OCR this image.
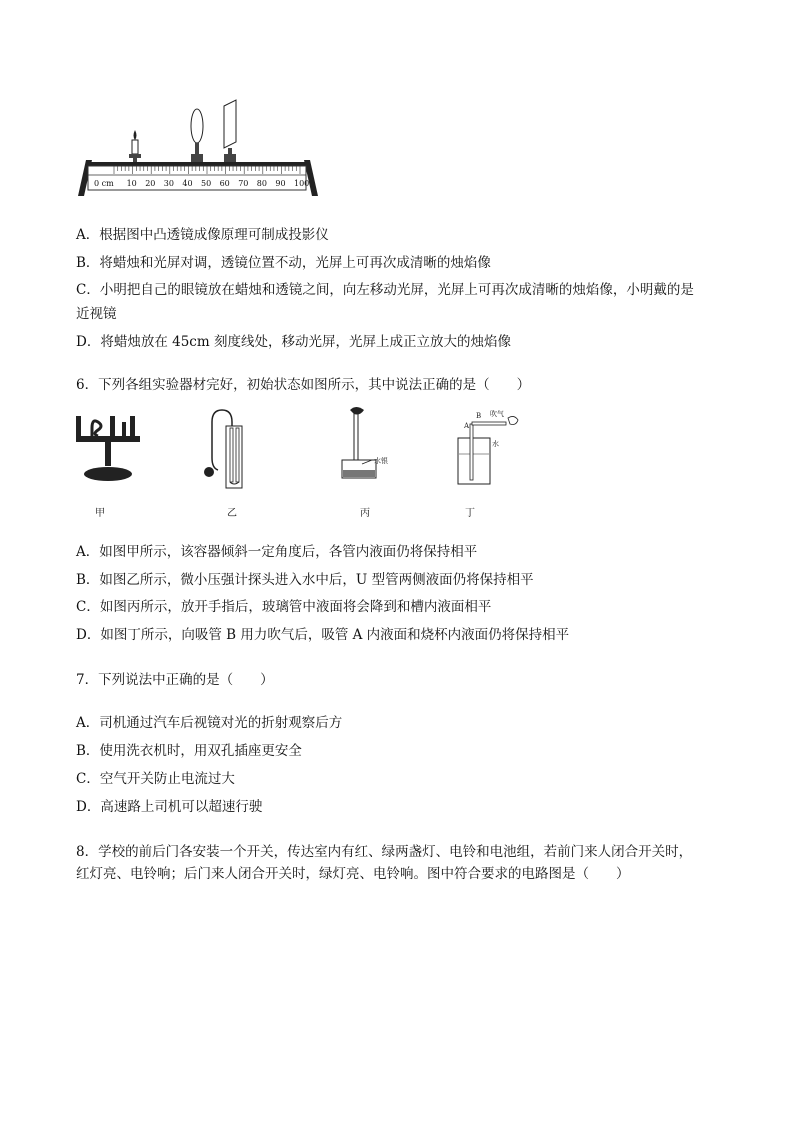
0 cm 10 20 30 40 50 60 70 80 90 100
A．根据图中凸透镜成像原理可制成投影仪
B．将蜡烛和光屏对调，透镜位置不动，光屏上可再次成清晰的烛焰像
C．小明把自己的眼镜放在蜡烛和透镜之间，向左移动光屏，光屏上可再次成清晰的烛焰像，小明戴的是
近视镜
D．将蜡烛放在 45cm 刻度线处，移动光屏，光屏上成正立放大的烛焰像
6．下列各组实验器材完好，初始状态如图所示，其中说法正确的是（　　）
甲	乙
水银
丙
B
A
吹气
水
丁
A．如图甲所示，该容器倾斜一定角度后，各管内液面仍将保持相平
B．如图乙所示，微小压强计探头进入水中后，U 型管两侧液面仍将保持相平
C．如图丙所示，放开手指后，玻璃管中液面将会降到和槽内液面相平
D．如图丁所示，向吸管 B 用力吹气后，吸管 A 内液面和烧杯内液面仍将保持相平
7．下列说法中正确的是（　　）
A．司机通过汽车后视镜对光的折射观察后方
B．使用洗衣机时，用双孔插座更安全
C．空气开关防止电流过大
D．高速路上司机可以超速行驶
8．学校的前后门各安装一个开关，传达室内有红、绿两盏灯、电铃和电池组，若前门来人闭合开关时，
红灯亮、电铃响；后门来人闭合开关时，绿灯亮、电铃响。图中符合要求的电路图是（　　）
